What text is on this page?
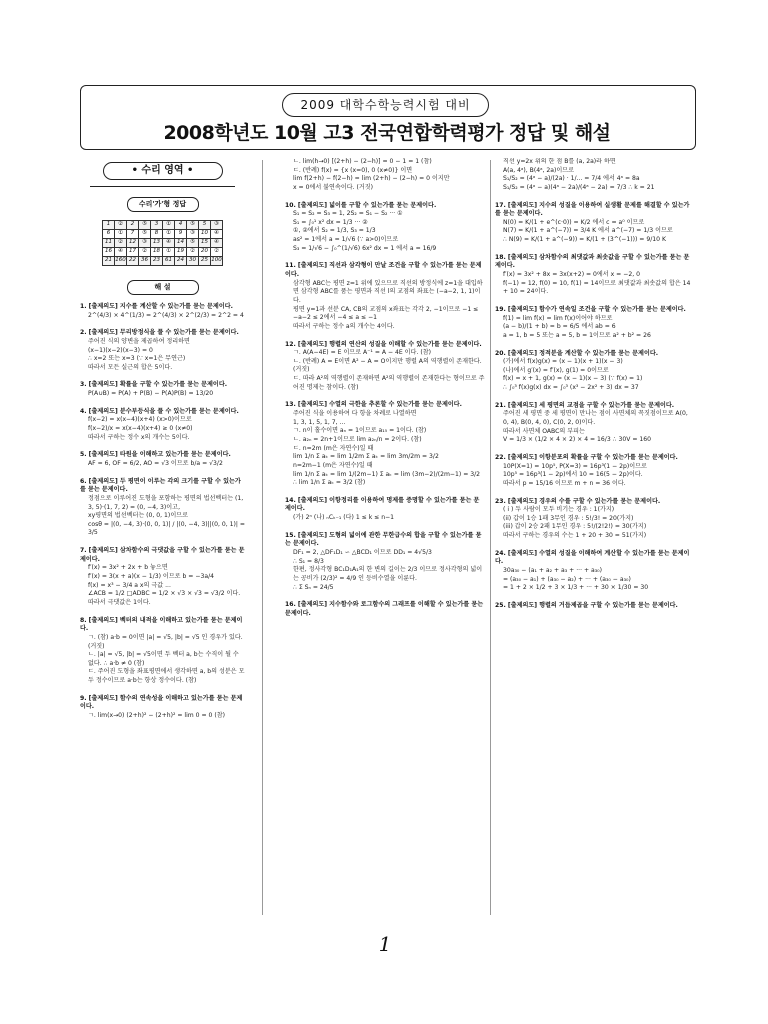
2009 대학수학능력시험 대비
2008학년도 10월 고3 전국연합학력평가 정답 및 해설
• 수리 영역 •
수리'가'형 정답
1	②	2	⑤	3	①	4	⑤	5	③
6	①	7	⑤	8	①	9	③	10	④
11	②	12	③	13	④	14	⑤	15	④
16	④	17	②	18	①	19	②	20	②
21	160	22	36	23	61	24	30	25	100
해 설
1. [출제의도] 지수를 계산할 수 있는가를 묻는 문제이다.
2^(4/3) × 4^(1/3) = 2^(4/3) × 2^(2/3) = 2^2 = 4
2. [출제의도] 무리방정식을 풀 수 있는가를 묻는 문제이다.
주어진 식의 양변을 제곱하여 정리하면
(x−1)(x−2)(x−3) = 0
∴ x=2 또는 x=3 (∵ x=1은 무연근)
따라서 모든 실근의 합은 5이다.
3. [출제의도] 확률을 구할 수 있는가를 묻는 문제이다.
P(A∪B) = P(A) + P(B) − P(A)P(B) = 13/20
4. [출제의도] 분수부등식을 풀 수 있는가를 묻는 문제이다.
f(x−2) = x(x−4)(x+4) (x>0)이므로
f(x−2)/x = x(x−4)(x+4) ≥ 0 (x≠0)
따라서 구하는 정수 x의 개수는 5이다.
5. [출제의도] 타원을 이해하고 있는가를 묻는 문제이다.
AF = 6, OF = 6/2, AO = √3 이므로 b/a = √3/2
6. [출제의도] 두 평면이 이루는 각의 크기를 구할 수 있는가를 묻는 문제이다.
정점으로 이루어진 도형을 포함하는 평면의 법선벡터는 (1, 3, 5)·(1, 7, 2) = (0, −4, 3)이고,
xy평면의 법선벡터는 (0, 0, 1)이므로
cosθ = |(0, −4, 3)·(0, 0, 1)| / |(0, −4, 3)||(0, 0, 1)| = 3/5
7. [출제의도] 삼차함수의 극댓값을 구할 수 있는가를 묻는 문제이다.
f′(x) = 3x² + 2x + b 놓으면
f′(x) = 3(x + a)(x − 1/3) 이므로 b = −3a/4
f(x) = x³ − 3/4 a x의 극값 ...
∠ACB = 1/2 □ADBC = 1/2 × √3 × √3 = √3/2 이다.
따라서 극댓값은 1이다.
8. [출제의도] 벡터의 내적을 이해하고 있는가를 묻는 문제이다.
ㄱ. (참) a·b = 0이면 |a| = √5, |b| = √5 인 경우가 있다. (거짓)
ㄴ. |a| = √5, |b| = √5이면 두 벡터 a, b는 수직이 될 수 없다. ∴ a·b ≠ 0 (참)
ㄷ. 주어진 도형을 좌표평면에서 생각하면 a, b의 성분은 모두 정수이므로 a·b는 항상 정수이다. (참)
9. [출제의도] 함수의 연속성을 이해하고 있는가를 묻는 문제이다.
ㄱ. lim(x→0) (2+h)² − (2+h)² = lim 0 = 0 (참)
ㄴ. lim(h→0) [(2+h) − (2−h)] = 0 − 1 = 1 (참)
ㄷ. (반례) f(x) = {x (x=0), 0 (x≠0)} 이면
lim f(2+h) − f(2−h) = lim (2+h) − (2−h) = 0 이지만
x = 0에서 불연속이다. (거짓)
10. [출제의도] 넓이를 구할 수 있는가를 묻는 문제이다.
S₁ = S₂ = S₃ = 1, 2S₂ = S₁ − S₂ ··· ①
S₁ = ∫₀¹ x² dx = 1/3 ··· ②
①, ②에서 S₂ = 1/3, S₃ = 1/3
as² = 1에서 a = 1/√6 (∵ a>0)이므로
S₃ = 1/√6 − ∫₀^(1/√6) 6x² dx = 1 에서 a = 16/9
11. [출제의도] 직선과 삼각형이 만날 조건을 구할 수 있는가를 묻는 문제이다.
삼각형 ABC는 평면 z=1 위에 있으므로 직선의 방정식에 z=1을 대입하면 삼각형 ABC를 품는 평면과 직선 l의 교점의 좌표는 (−a−2, 1, 1)이다.
평면 y=1과 선분 CA, CB의 교점의 x좌표는 각각 2, −1이므로 −1 ≤ −a−2 ≤ 2에서 −4 ≤ a ≤ −1
따라서 구하는 정수 a의 개수는 4이다.
12. [출제의도] 행렬의 연산의 성질을 이해할 수 있는가를 묻는 문제이다.
ㄱ. A(A−4E) = E 이므로 A⁻¹ = A − 4E 이다. (참)
ㄴ. (반례) A = E이면 A² − A = O이지만 행렬 A의 역행렬이 존재한다. (거짓)
ㄷ. 따라 A²의 역행렬이 존재하면 A²의 역행렬이 존재한다는 형이므로 주어진 명제는 참이다. (참)
13. [출제의도] 수열의 극한을 추론할 수 있는가를 묻는 문제이다.
주어진 식을 이용하여 다 항을 차례로 나열하면
1, 3, 1, 5, 1, 7, ...
ㄱ. n이 홀수이면 aₙ = 1이므로 a₁₅ = 1이다. (참)
ㄴ. a₂ₙ = 2n+1이므로 lim a₂ₙ/n = 2이다. (참)
ㄷ. n=2m (m은 자연수)일 때
lim 1/n Σ aₖ = lim 1/2m Σ aₖ = lim 3m/2m = 3/2
n=2m−1 (m은 자연수)일 때
lim 1/n Σ aₖ = lim 1/(2m−1) Σ aₖ = lim (3m−2)/(2m−1) = 3/2
∴ lim 1/n Σ aₖ = 3/2 (참)
14. [출제의도] 이항정리를 이용하여 명제를 증명할 수 있는가를 묻는 문제이다.
(가) 2ⁿ (나) ₙCₖ₋₁ (다) 1 ≤ k ≤ n−1
15. [출제의도] 도형의 넓이에 관한 무한급수의 합을 구할 수 있는가를 묻는 문제이다.
DF₁ = 2, △DF₁D₁ ∽ △BCD₁ 이므로 DD₁ = 4√5/3
∴ S₁ = 8/3
한편, 정사각형 BC₁D₁A₁의 한 변의 길이는 2/3 이므로 정사각형의 넓이는 공비가 (2/3)² = 4/9 인 등비수열을 이룬다.
∴ Σ Sₙ = 24/5
16. [출제의도] 지수함수와 로그함수의 그래프를 이해할 수 있는가를 묻는 문제이다.
직선 y=2x 위의 한 점 B를 (a, 2a)라 하면
A(a, 4ᵃ), B(4ᵃ, 2a)이므로
S₁/S₂ = (4ᵃ − a)/(2a) · 1/... = 7/4 에서 4ᵃ = 8a
S₁/S₂ = (4ᵃ − a)(4ᵃ − 2a)/(4ᵃ − 2a) = 7/3 ∴ k = 21
17. [출제의도] 지수의 성질을 이용하여 실생활 문제를 해결할 수 있는가를 묻는 문제이다.
N(0) = K/(1 + e^(c·0)) = K/2 에서 c = a⁰ 이므로
N(7) = K/(1 + a^(−7)) = 3/4 K 에서 a^(−7) = 1/3 이므로
∴ N(9) = K/(1 + a^(−9)) = K/(1 + (3^(−1))) = 9/10 K
18. [출제의도] 삼차함수의 최댓값과 최솟값을 구할 수 있는가를 묻는 문제이다.
f′(x) = 3x² + 8x = 3x(x+2) = 0에서 x = −2, 0
f(−1) = 12, f(0) = 10, f(1) = 14이므로 최댓값과 최솟값의 합은 14 + 10 = 24이다.
19. [출제의도] 함수가 연속일 조건을 구할 수 있는가를 묻는 문제이다.
f(1) = lim f(x) = lim f(x)이어야 하므로
(a − b)/(1 + b) = b = 6/5 에서 ab = 6
a = 1, b = 5 또는 a = 5, b = 1이므로 a² + b² = 26
20. [출제의도] 정적분을 계산할 수 있는가를 묻는 문제이다.
(가)에서 f(x)g(x) = (x − 1)(x + 1)(x − 3)
(나)에서 g′(x) = f′(x), g(1) = 0이므로
f(x) = x + 1, g(x) = (x − 1)(x − 3) (∵ f(x) = 1)
∴ ∫₀³ f(x)g(x) dx = ∫₀³ (x³ − 2x² + 3) dx = 37
21. [출제의도] 세 평면의 교점을 구할 수 있는가를 묻는 문제이다.
주어진 세 평면 중 세 평면이 만나는 점이 사면체의 꼭짓점이므로 A(0, 0, 4), B(0, 4, 0), C(0, 2, 0)이다.
따라서 사면체 OABC의 부피는
V = 1/3 × (1/2 × 4 × 2) × 4 = 16/3 ∴ 30V = 160
22. [출제의도] 이항분포의 확률을 구할 수 있는가를 묻는 문제이다.
10P(X=1) = 10p⁵, P(X=3) = 16p³(1 − 2p)이므로
10p⁵ = 16p³(1 − 2p)에서 10 = 16(5 − 2p)이다.
따라서 p = 15/16 이므로 m + n = 36 이다.
23. [출제의도] 경우의 수를 구할 수 있는가를 묻는 문제이다.
( i ) 두 사람이 모두 비기는 경우 : 1(가지)
(ii) 갑이 1승 1패 3무인 경우 : 5!/3! = 20(가지)
(iii) 갑이 2승 2패 1무인 경우 : 5!/(2!2!) = 30(가지)
따라서 구하는 경우의 수는 1 + 20 + 30 = 51(가지)
24. [출제의도] 수열의 성질을 이해하여 계산할 수 있는가를 묻는 문제이다.
30a₃₀ − (a₁ + a₂ + a₃ + ··· + a₃₀)
= (a₃₀ − a₁) + (a₃₀ − a₂) + ··· + (a₃₀ − a₃₀)
= 1 + 2 × 1/2 + 3 × 1/3 + ··· + 30 × 1/30 = 30
25. [출제의도] 행렬의 거듭제곱을 구할 수 있는가를 묻는 문제이다.
1
